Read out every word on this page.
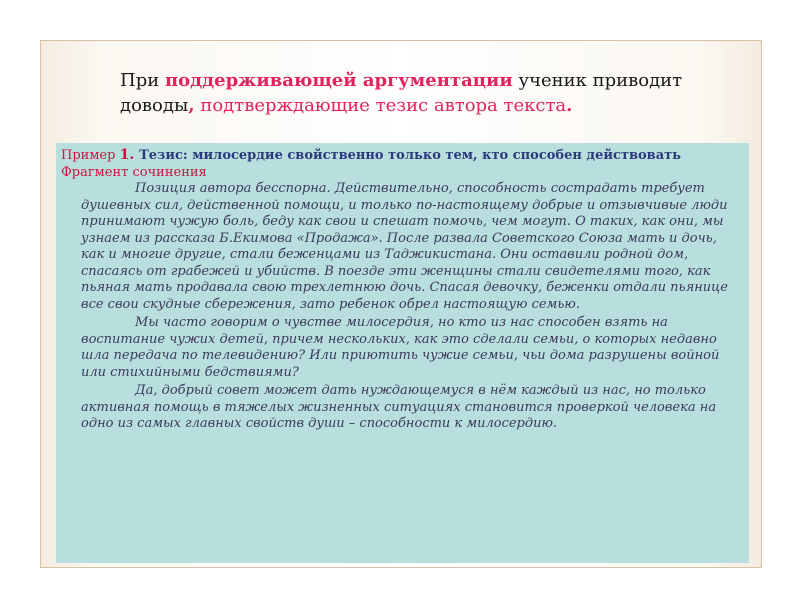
При поддерживающей аргументации ученик приводит доводы, подтверждающие тезис автора текста.
Пример 1. Тезис: милосердие свойственно только тем, кто способен действовать
Фрагмент сочинения

Позиция автора бесспорна. Действительно, способность сострадать требует душевных сил, действенной помощи, и только по-настоящему добрые и отзывчивые люди принимают чужую боль, беду как свои и спешат помочь, чем могут. О таких, как они, мы узнаем из рассказа Б.Екимова «Продажа». После развала Советского Союза мать и дочь, как и многие другие, стали беженцами из Таджикистана. Они оставили родной дом, спасаясь от грабежей и убийств. В поезде эти женщины стали свидетелями того, как пьяная мать продавала свою трехлетнюю дочь. Спасая девочку, беженки отдали пьянице все свои скудные сбережения, зато ребенок обрел настоящую семью.

Мы часто говорим о чувстве милосердия, но кто из нас способен взять на воспитание чужих детей, причем нескольких, как это сделали семьи, о которых недавно шла передача по телевидению? Или приютить чужие семьи, чьи дома разрушены войной или стихийными бедствиями?

Да, добрый совет может дать нуждающемуся в нём каждый из нас, но только активная помощь в тяжелых жизненных ситуациях становится проверкой человека на одно из самых главных свойств души – способности к милосердию.
